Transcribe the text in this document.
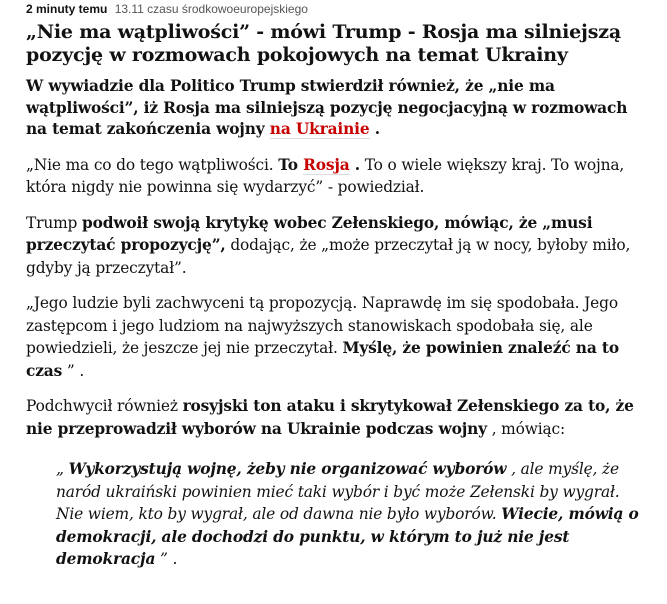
2 minuty temu 13.11 czasu środkowoeuropejskiego
„Nie ma wątpliwości” - mówi Trump - Rosja ma silniejszą pozycję w rozmowach pokojowych na temat Ukrainy
W wywiadzie dla Politico Trump stwierdził również, że „nie ma wątpliwości”, iż Rosja ma silniejszą pozycję negocjacyjną w rozmowach na temat zakończenia wojny na Ukrainie .

„Nie ma co do tego wątpliwości. To Rosja . To o wiele większy kraj. To wojna, która nigdy nie powinna się wydarzyć” - powiedział.

Trump podwoił swoją krytykę wobec Zełenskiego, mówiąc, że „musi przeczytać propozycję”, dodając, że „może przeczytał ją w nocy, byłoby miło, gdyby ją przeczytał”.

„Jego ludzie byli zachwyceni tą propozycją. Naprawdę im się spodobała. Jego zastępcom i jego ludziom na najwyższych stanowiskach spodobała się, ale powiedzieli, że jeszcze jej nie przeczytał. Myślę, że powinien znaleźć na to czas ” .

Podchwycił również rosyjski ton ataku i skrytykował Zełenskiego za to, że nie przeprowadził wyborów na Ukrainie podczas wojny , mówiąc:

„ Wykorzystują wojnę, żeby nie organizować wyborów , ale myślę, że naród ukraiński powinien mieć taki wybór i być może Zełenski by wygrał. Nie wiem, kto by wygrał, ale od dawna nie było wyborów. Wiecie, mówią o demokracji, ale dochodzi do punktu, w którym to już nie jest demokracja ” .
